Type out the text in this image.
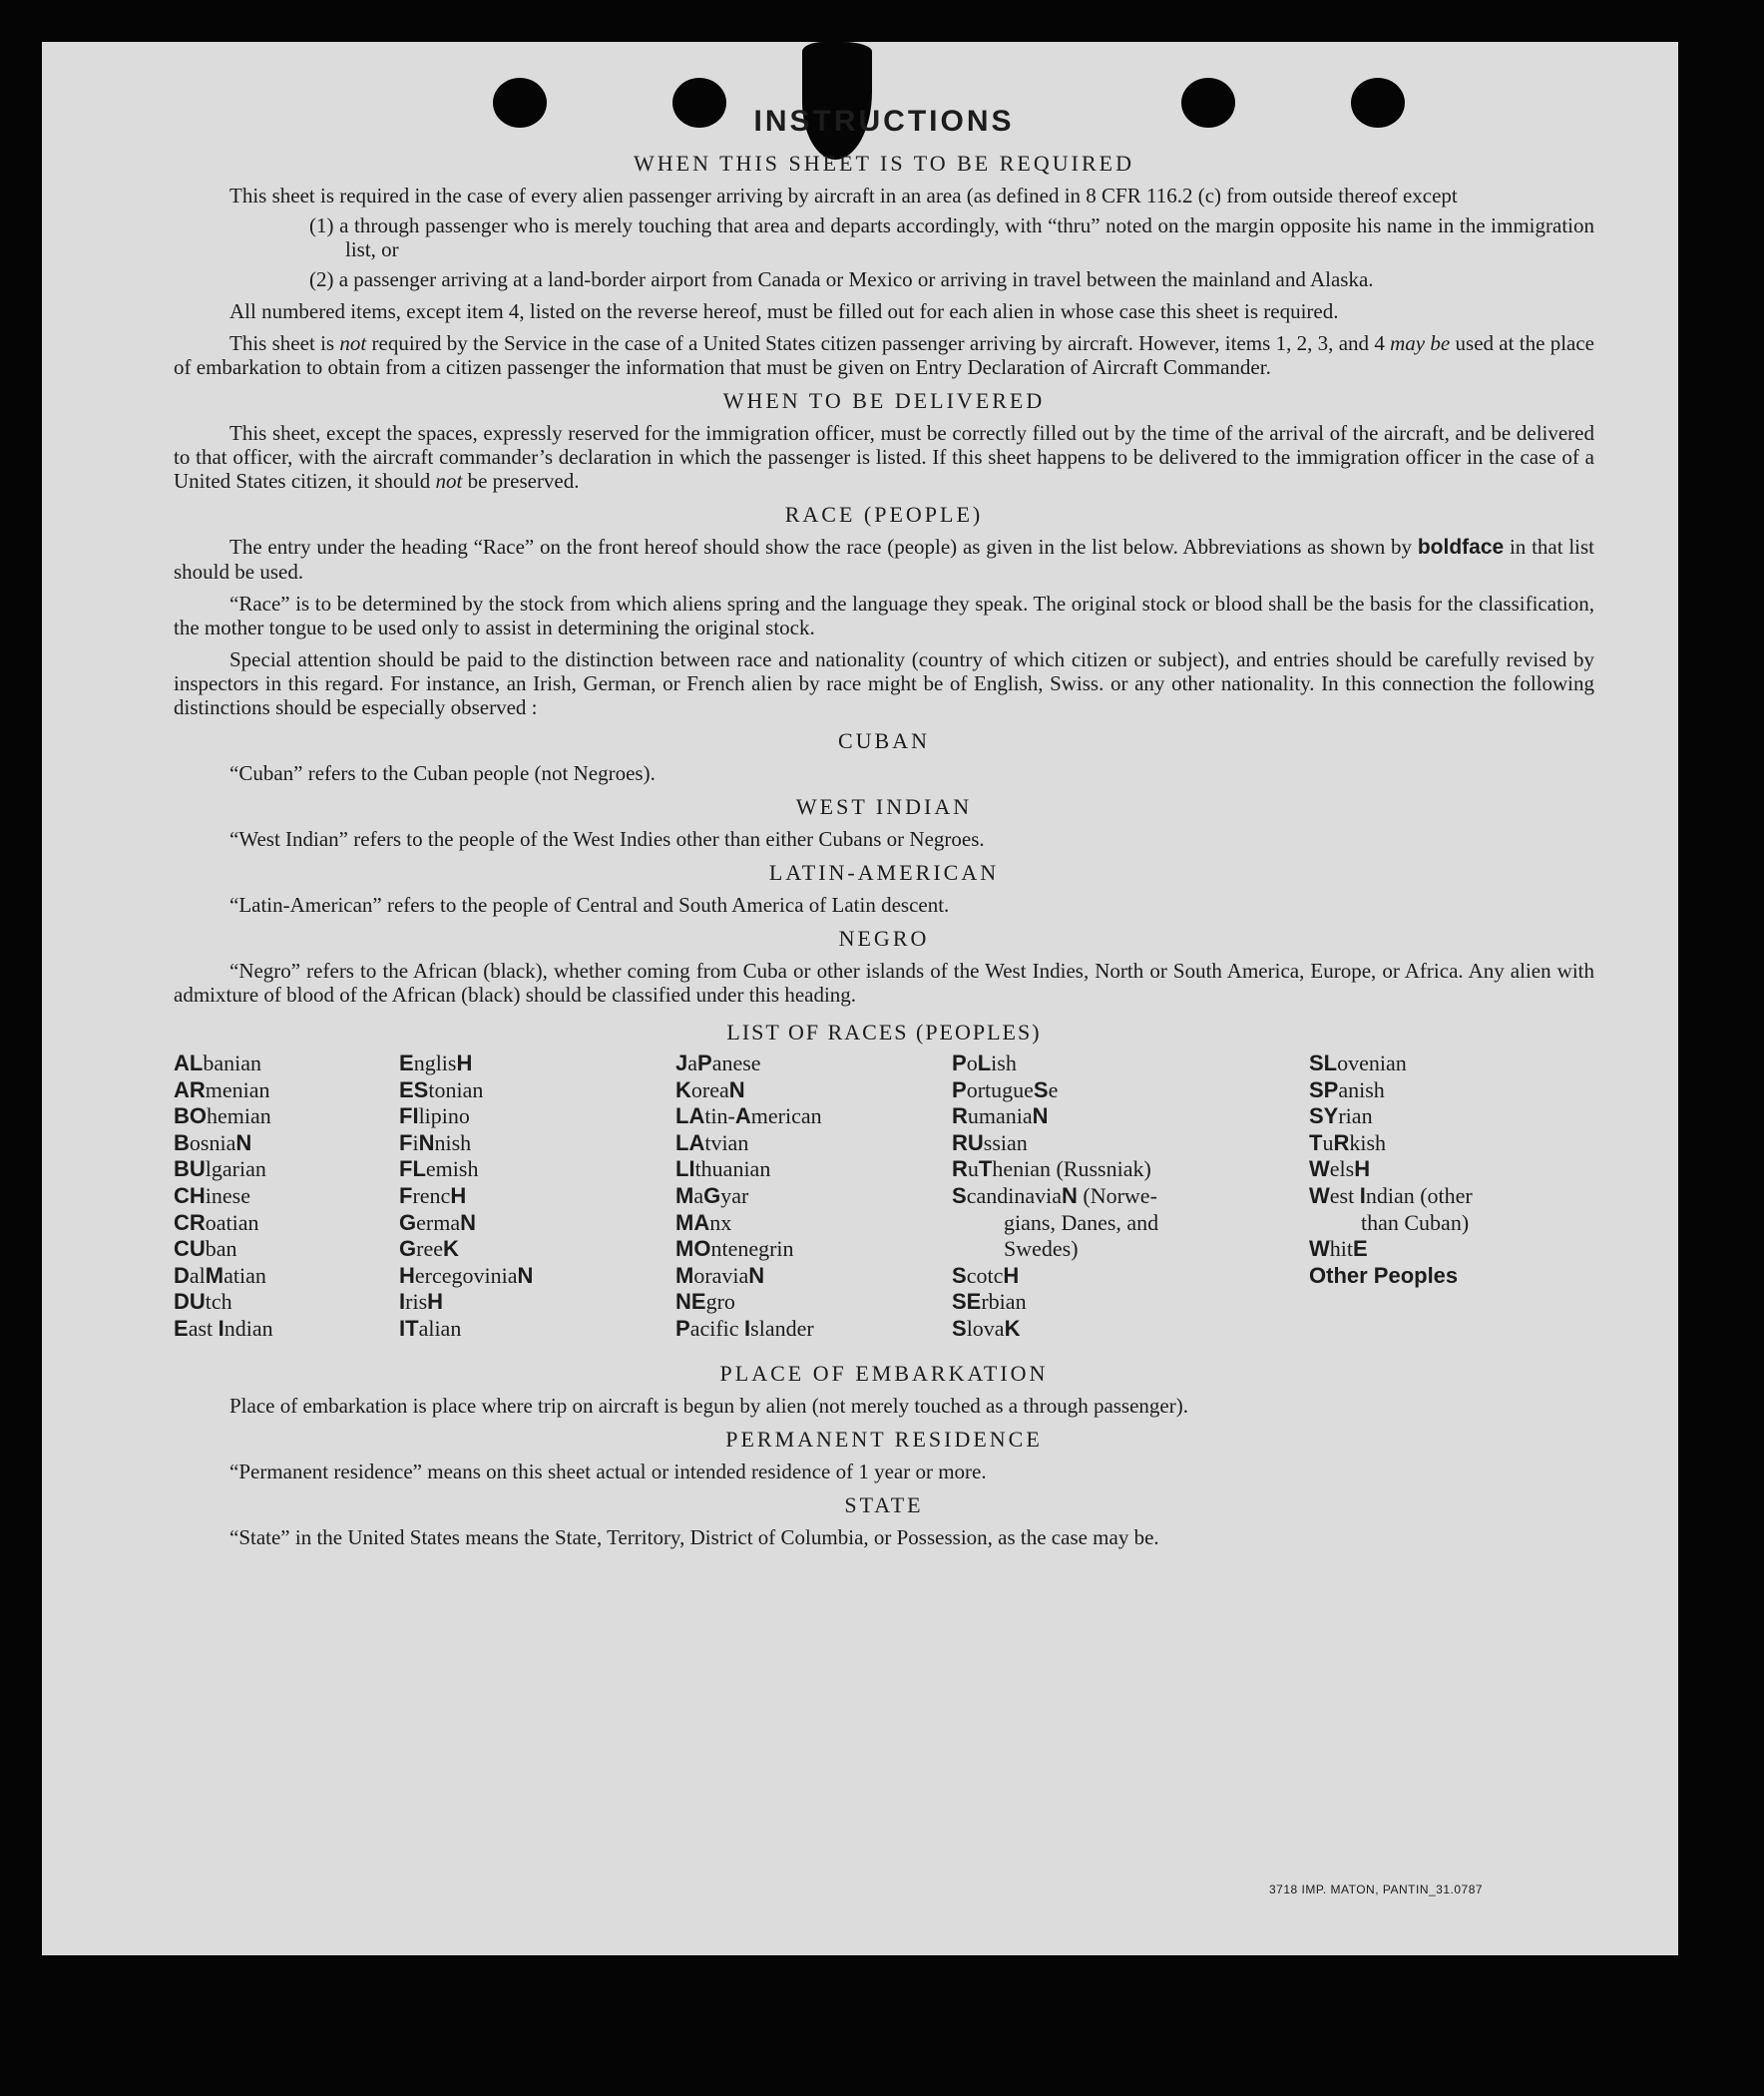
INSTRUCTIONS
WHEN THIS SHEET IS TO BE REQUIRED

This sheet is required in the case of every alien passenger arriving by aircraft in an area (as defined in 8 CFR 116.2 (c) from outside thereof except

(1) a through passenger who is merely touching that area and departs accordingly, with “thru” noted on the margin opposite his name in the immigration list, or

(2) a passenger arriving at a land-border airport from Canada or Mexico or arriving in travel between the mainland and Alaska.

All numbered items, except item 4, listed on the reverse hereof, must be filled out for each alien in whose case this sheet is required.

This sheet is not required by the Service in the case of a United States citizen passenger arriving by aircraft. However, items 1, 2, 3, and 4 may be used at the place of embarkation to obtain from a citizen passenger the information that must be given on Entry Declaration of Aircraft Commander.

WHEN TO BE DELIVERED

This sheet, except the spaces, expressly reserved for the immigration officer, must be correctly filled out by the time of the arrival of the aircraft, and be delivered to that officer, with the aircraft commander’s declaration in which the passenger is listed. If this sheet happens to be delivered to the immigration officer in the case of a United States citizen, it should not be preserved.

RACE (PEOPLE)

The entry under the heading “Race” on the front hereof should show the race (people) as given in the list below. Abbreviations as shown by boldface in that list should be used.

“Race” is to be determined by the stock from which aliens spring and the language they speak. The original stock or blood shall be the basis for the classification, the mother tongue to be used only to assist in determining the original stock.

Special attention should be paid to the distinction between race and nationality (country of which citizen or subject), and entries should be carefully revised by inspectors in this regard. For instance, an Irish, German, or French alien by race might be of English, Swiss. or any other nationality. In this connection the following distinctions should be especially observed :

CUBAN

“Cuban” refers to the Cuban people (not Negroes).

WEST INDIAN

“West Indian” refers to the people of the West Indies other than either Cubans or Negroes.

LATIN-AMERICAN

“Latin-American” refers to the people of Central and South America of Latin descent.

NEGRO

“Negro” refers to the African (black), whether coming from Cuba or other islands of the West Indies, North or South America, Europe, or Africa. Any alien with admixture of blood of the African (black) should be classified under this heading.

LIST OF RACES (PEOPLES)
ALbanian
ARmenian
BOhemian
BosniaN
BUlgarian
CHinese
CRoatian
CUban
DalMatian
DUtch
East Indian
EnglisH
EStonian
FIlipino
FiNnish
FLemish
FrencH
GermaN
GreeK
HercegoviniaN
IrisH
ITalian
JaPanese
KoreaN
LAtin-American
LAtvian
LIthuanian
MaGyar
MAnx
MOntenegrin
MoraviaN
NEgro
Pacific Islander
PoLish
PortugueSe
RumaniaN
RUssian
RuThenian (Russniak)
ScandinaviaN (Norwe-
gians, Danes, and
Swedes)
ScotcH
SErbian
SlovaK
SLovenian
SPanish
SYrian
TuRkish
WelsH
West Indian (other
than Cuban)
WhitE
Other Peoples
PLACE OF EMBARKATION

Place of embarkation is place where trip on aircraft is begun by alien (not merely touched as a through passenger).

PERMANENT RESIDENCE

“Permanent residence” means on this sheet actual or intended residence of 1 year or more.

STATE

“State” in the United States means the State, Territory, District of Columbia, or Possession, as the case may be.

3718 IMP. MATON, PANTIN_31.0787
